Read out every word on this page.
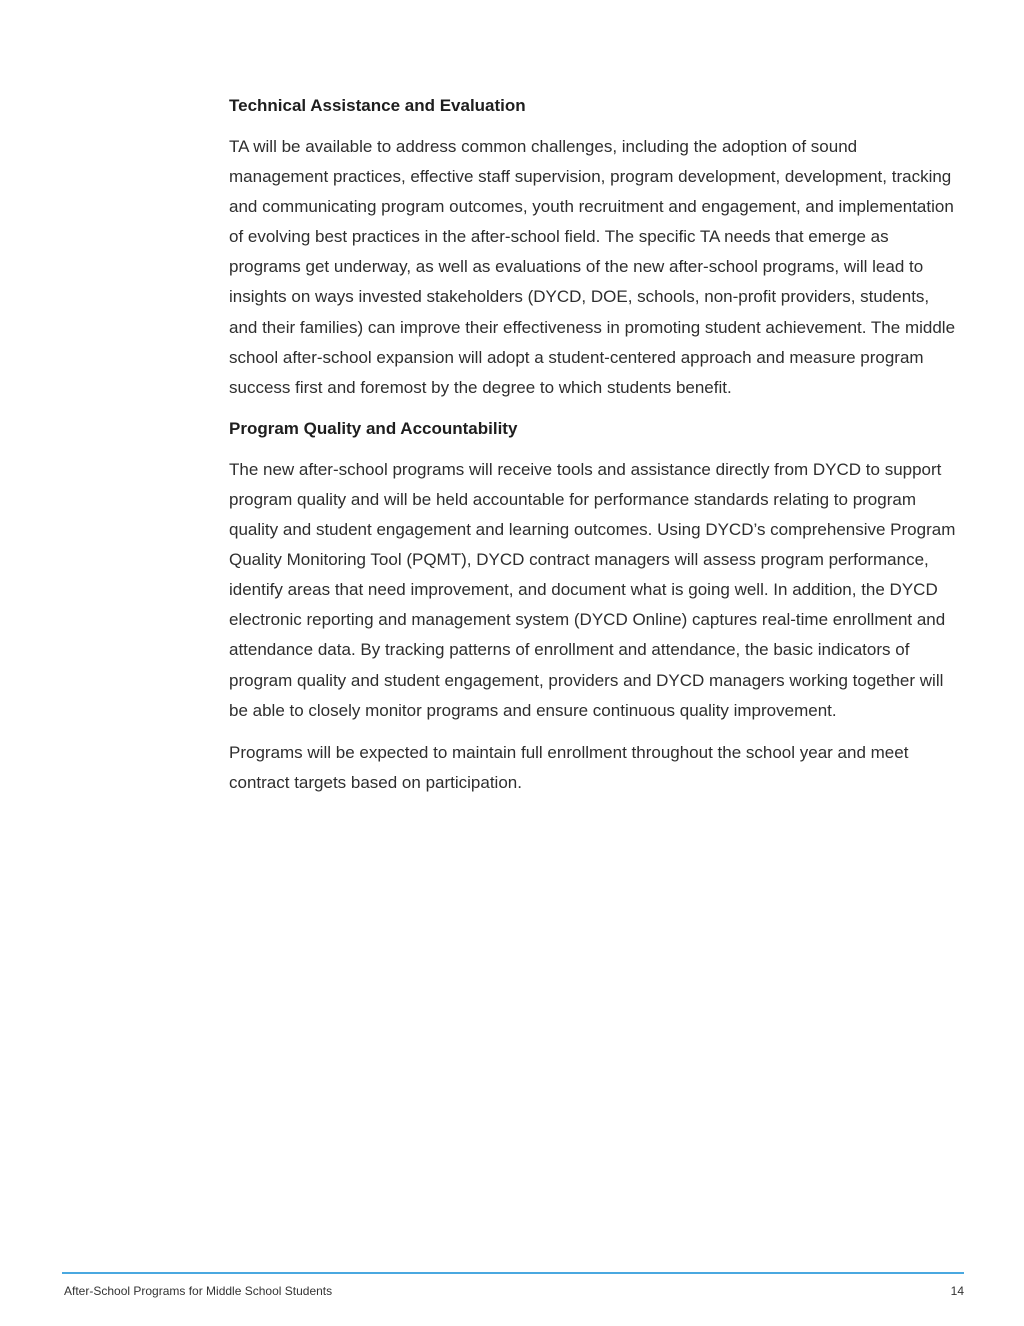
Technical Assistance and Evaluation

TA will be available to address common challenges, including the adoption of sound management practices, effective staff supervision, program development, development, tracking and communicating program outcomes, youth recruitment and engagement, and implementation of evolving best practices in the after-school field. The specific TA needs that emerge as programs get underway, as well as evaluations of the new after-school programs, will lead to insights on ways invested stakeholders (DYCD, DOE, schools, non-profit providers, students, and their families) can improve their effectiveness in promoting student achievement. The middle school after-school expansion will adopt a student-centered approach and measure program success first and foremost by the degree to which students benefit.

Program Quality and Accountability

The new after-school programs will receive tools and assistance directly from DYCD to support program quality and will be held accountable for performance standards relating to program quality and student engagement and learning outcomes. Using DYCD’s comprehensive Program Quality Monitoring Tool (PQMT), DYCD contract managers will assess program performance, identify areas that need improvement, and document what is going well. In addition, the DYCD electronic reporting and management system (DYCD Online) captures real-time enrollment and attendance data. By tracking patterns of enrollment and attendance, the basic indicators of program quality and student engagement, providers and DYCD managers working together will be able to closely monitor programs and ensure continuous quality improvement.

Programs will be expected to maintain full enrollment throughout the school year and meet contract targets based on participation.

After-School Programs for Middle School Students	14
